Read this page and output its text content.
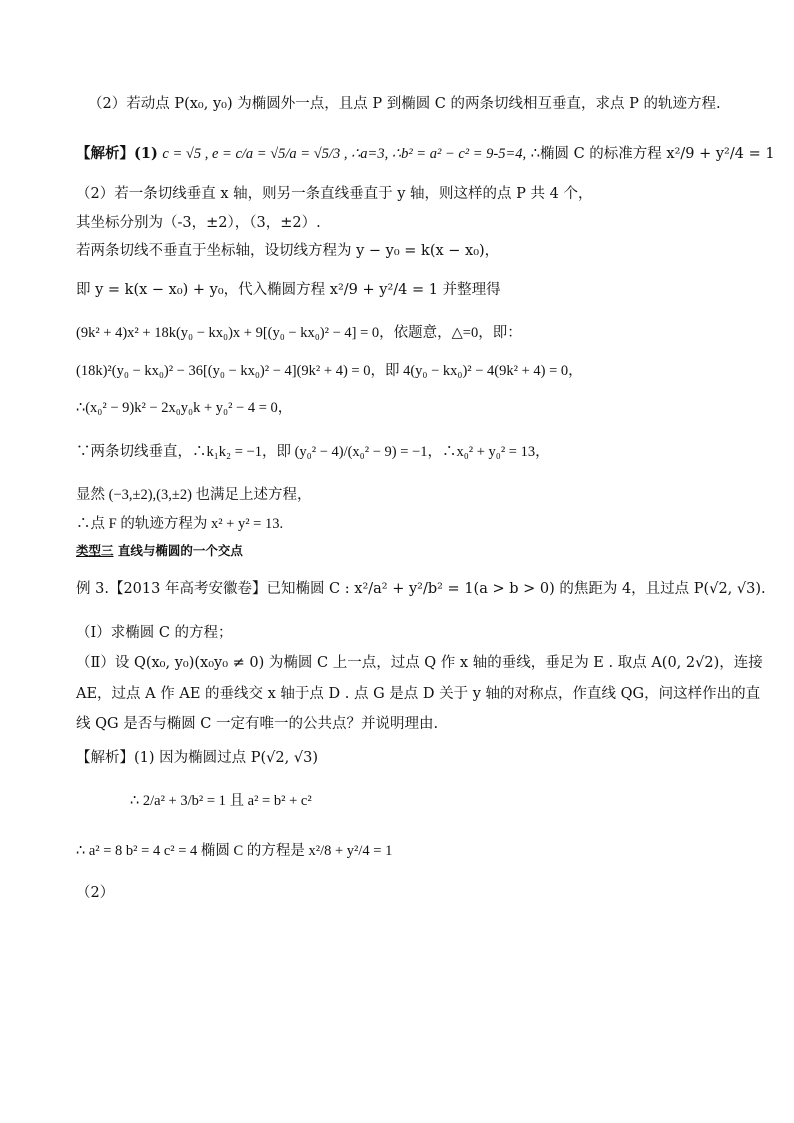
（2）若动点 P(x₀, y₀) 为椭圆外一点，且点 P 到椭圆 C 的两条切线相互垂直，求点 P 的轨迹方程.
【解析】(1) c = √5 , e = c/a = √5/a = √5/3 , ∴a=3, ∴b² = a² − c² = 9-5=4, ∴椭圆 C 的标准方程 x²/9 + y²/4 = 1
（2）若一条切线垂直 x 轴，则另一条直线垂直于 y 轴，则这样的点 P 共 4 个，
其坐标分别为（-3，±2），（3，±2）.
若两条切线不垂直于坐标轴，设切线方程为 y − y₀ = k(x − x₀)，
即 y = k(x − x₀) + y₀，代入椭圆方程 x²/9 + y²/4 = 1 并整理得
(9k² + 4)x² + 18k(y₀ − kx₀)x + 9[(y₀ − kx₀)² − 4] = 0，依题意，△=0，即：
(18k)²(y₀ − kx₀)² − 36[(y₀ − kx₀)² − 4](9k² + 4) = 0，即 4(y₀ − kx₀)² − 4(9k² + 4) = 0，
∴(x₀² − 9)k² − 2x₀y₀k + y₀² − 4 = 0，
∵两条切线垂直，∴k₁k₂ = −1，即 (y₀² − 4)/(x₀² − 9) = −1，∴x₀² + y₀² = 13，
显然 (−3,±2),(3,±2) 也满足上述方程，
∴点 F 的轨迹方程为 x² + y² = 13.
类型三 直线与椭圆的一个交点
例 3.【2013 年高考安徽卷】已知椭圆 C : x²/a² + y²/b² = 1(a > b > 0) 的焦距为 4，且过点 P(√2, √3).
（Ⅰ）求椭圆 C 的方程；
（Ⅱ）设 Q(x₀, y₀)(x₀y₀ ≠ 0) 为椭圆 C 上一点，过点 Q 作 x 轴的垂线，垂足为 E . 取点 A(0, 2√2)，连接
AE，过点 A 作 AE 的垂线交 x 轴于点 D . 点 G 是点 D 关于 y 轴的对称点，作直线 QG，问这样作出的直
线 QG 是否与椭圆 C 一定有唯一的公共点？并说明理由.
【解析】(1) 因为椭圆过点 P(√2, √3)
∴ 2/a² + 3/b² = 1 且 a² = b² + c²
∴ a² = 8 b² = 4 c² = 4 椭圆 C 的方程是 x²/8 + y²/4 = 1
（2）
